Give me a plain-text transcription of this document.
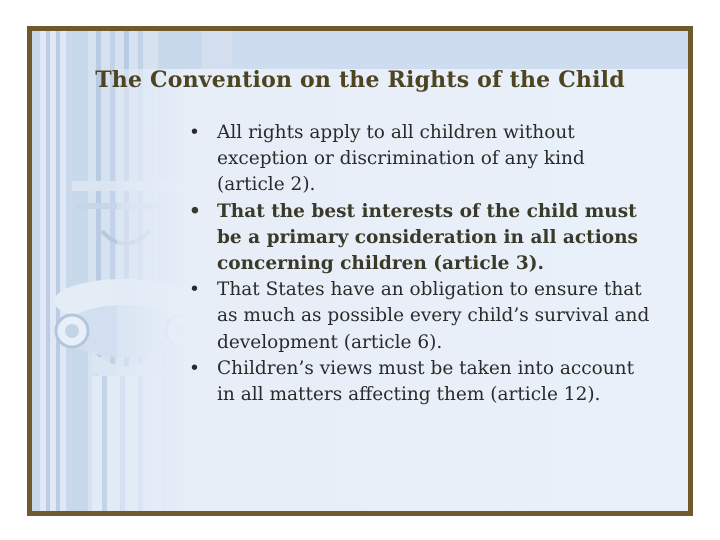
The Convention on the Rights of the Child
• All rights apply to all children without exception or discrimination of any kind (article 2).
• That the best interests of the child must be a primary consideration in all actions concerning children (article 3).
• That States have an obligation to ensure that as much as possible every child’s survival and development (article 6).
• Children’s views must be taken into account in all matters affecting them (article 12).
